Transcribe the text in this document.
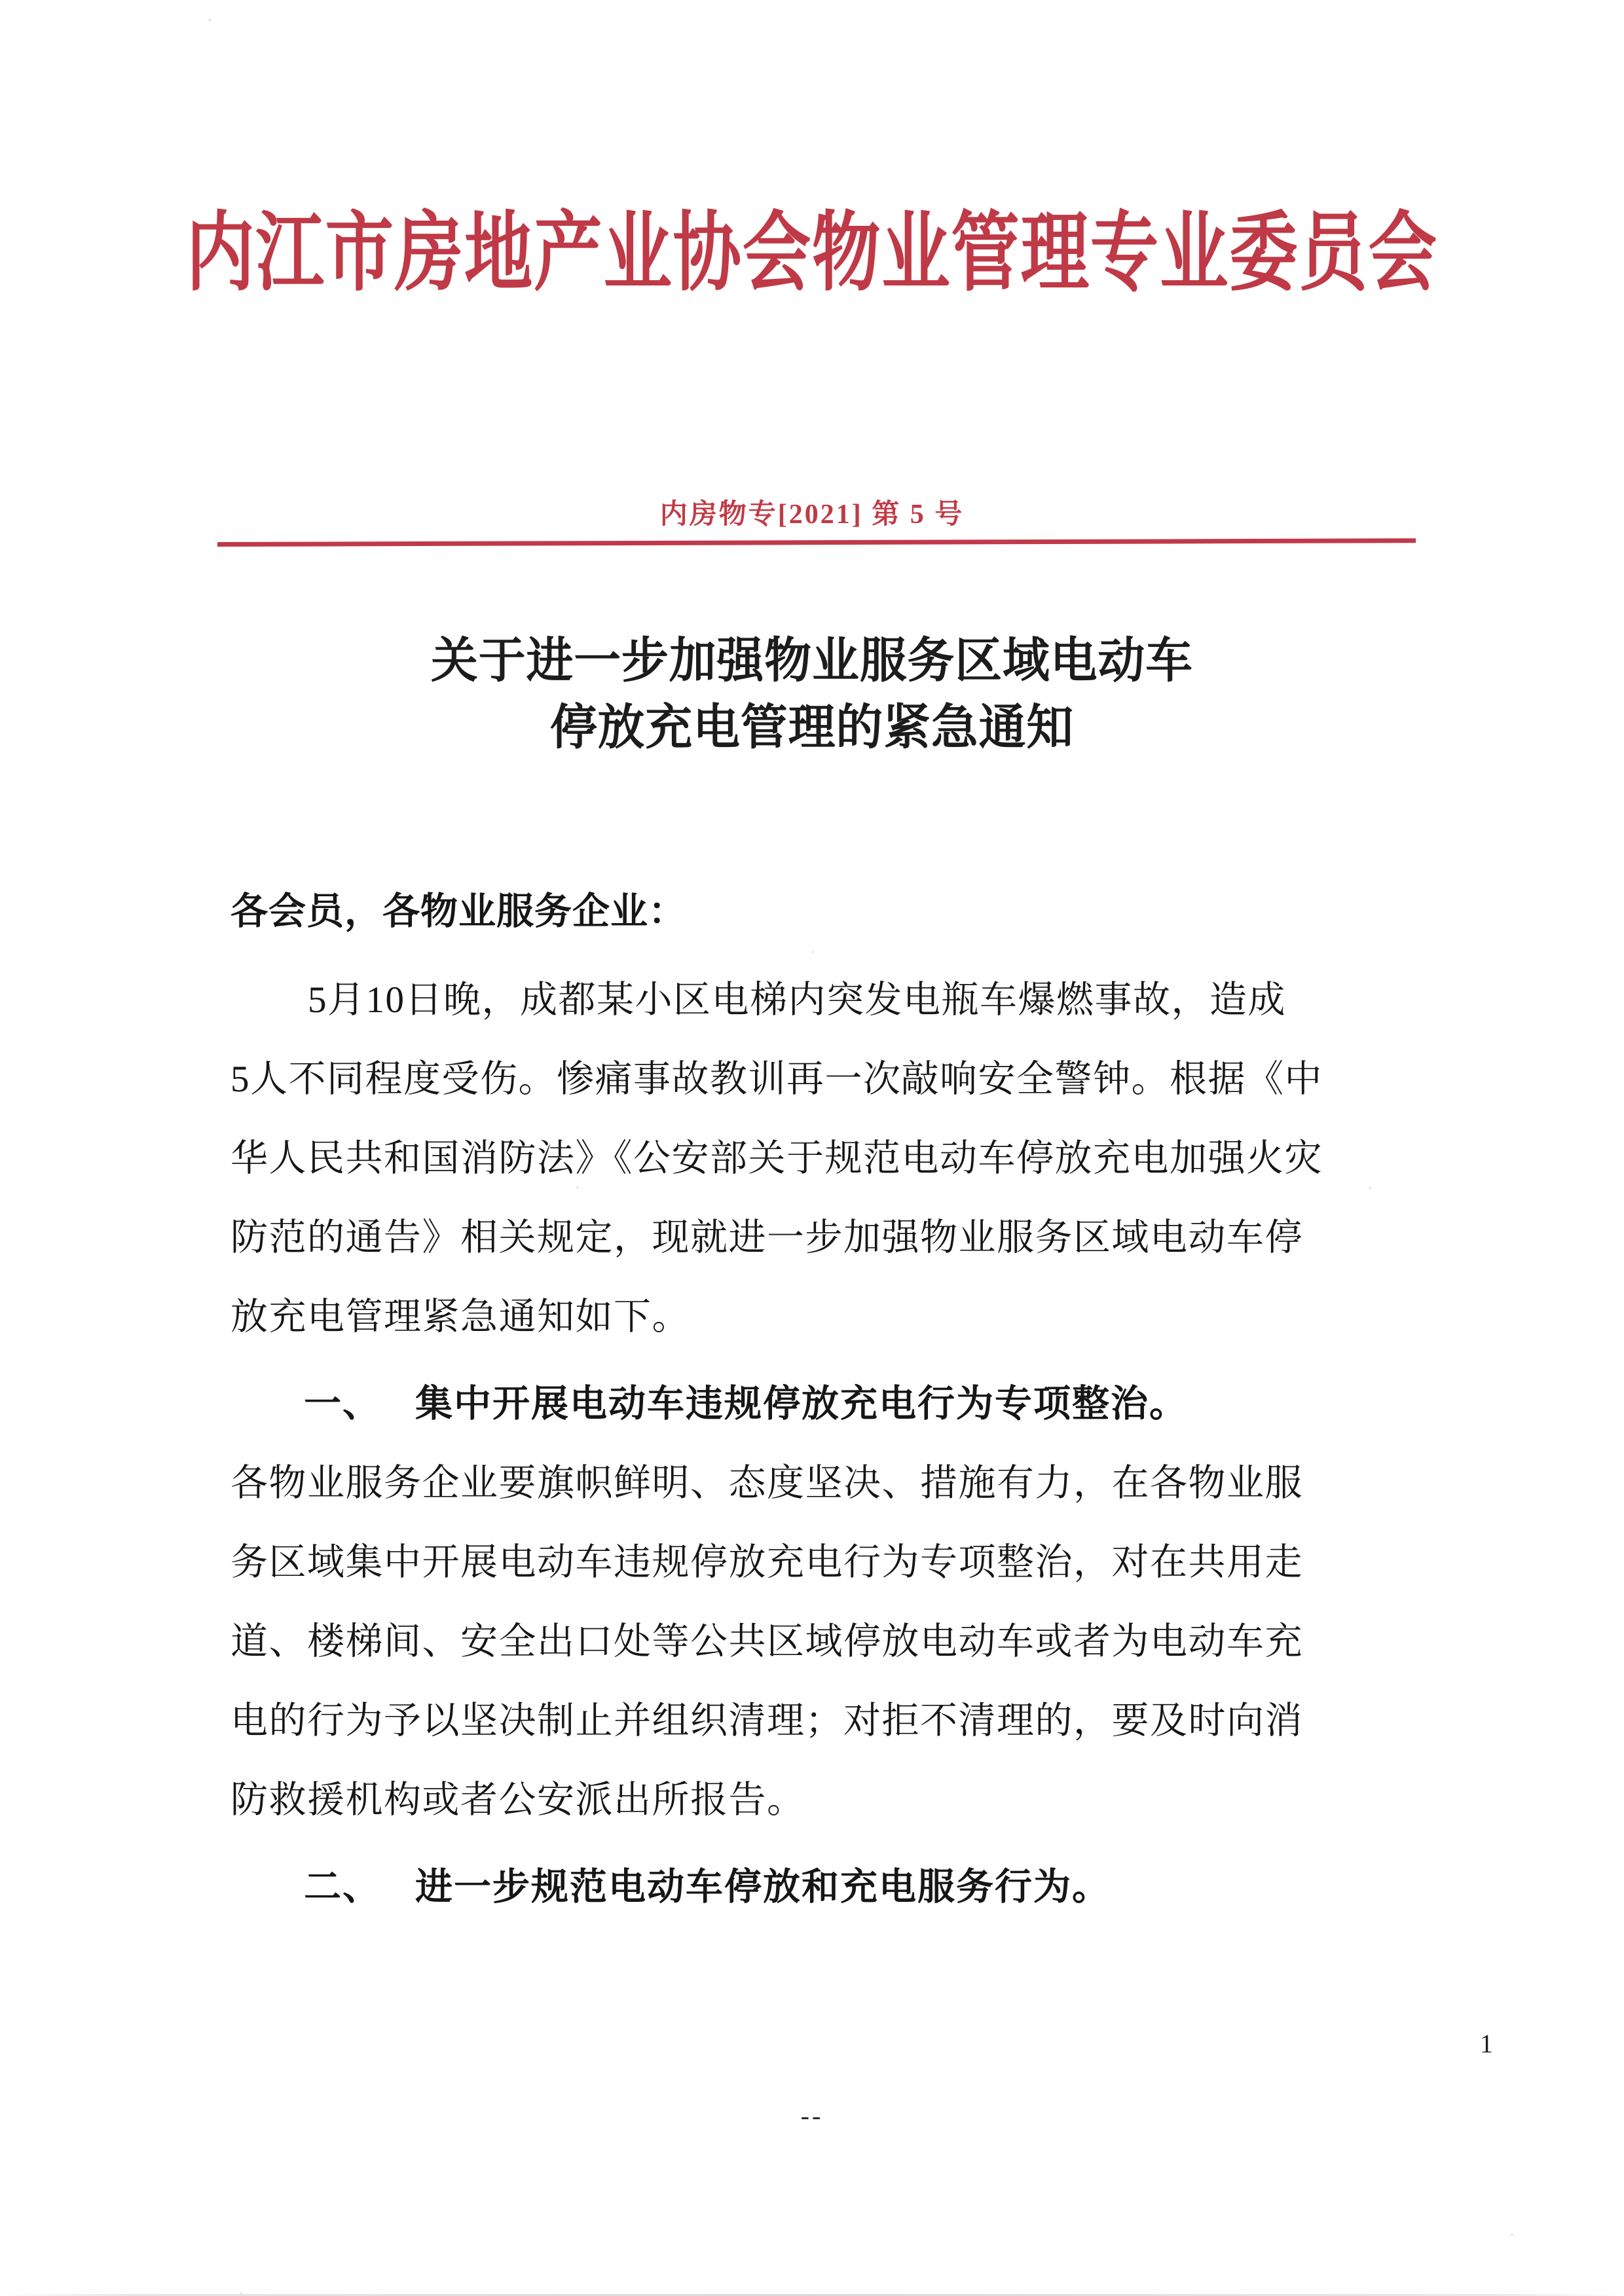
内江市房地产业协会物业管理专业委员会
内房物专[2021] 第 5 号
关于进一步加强物业服务区域电动车
停放充电管理的紧急通知

各会员，各物业服务企业：

5月10日晚，成都某小区电梯内突发电瓶车爆燃事故，造成
5人不同程度受伤。惨痛事故教训再一次敲响安全警钟。根据《中
华人民共和国消防法》《公安部关于规范电动车停放充电加强火灾
防范的通告》相关规定，现就进一步加强物业服务区域电动车停
放充电管理紧急通知如下。

一、 集中开展电动车违规停放充电行为专项整治。

各物业服务企业要旗帜鲜明、态度坚决、措施有力，在各物业服
务区域集中开展电动车违规停放充电行为专项整治，对在共用走
道、楼梯间、安全出口处等公共区域停放电动车或者为电动车充
电的行为予以坚决制止并组织清理；对拒不清理的，要及时向消
防救援机构或者公安派出所报告。

二、 进一步规范电动车停放和充电服务行为。

1
--
